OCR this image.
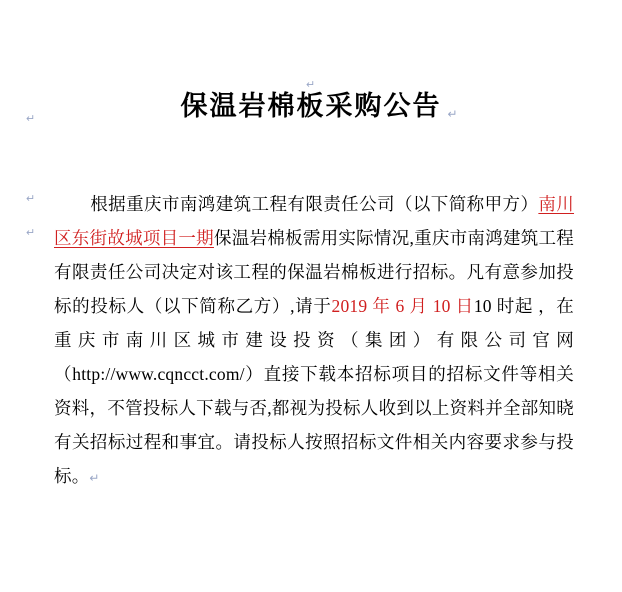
↵
↵
↵
↵
保温岩棉板采购公告 ↵

根据重庆市南鸿建筑工程有限责任公司（以下简称甲方）南川区东街故城项目一期保温岩棉板需用实际情况,重庆市南鸿建筑工程有限责任公司决定对该工程的保温岩棉板进行招标。凡有意参加投标的投标人（以下简称乙方）,请于2019 年 6 月 10 日10 时起 ，在重庆市南川区城市建设投资（集团）有限公司官网（http://www.cqncct.com/）直接下载本招标项目的招标文件等相关资料，不管投标人下载与否,都视为投标人收到以上资料并全部知晓有关招标过程和事宜。请投标人按照招标文件相关内容要求参与投标。↵
